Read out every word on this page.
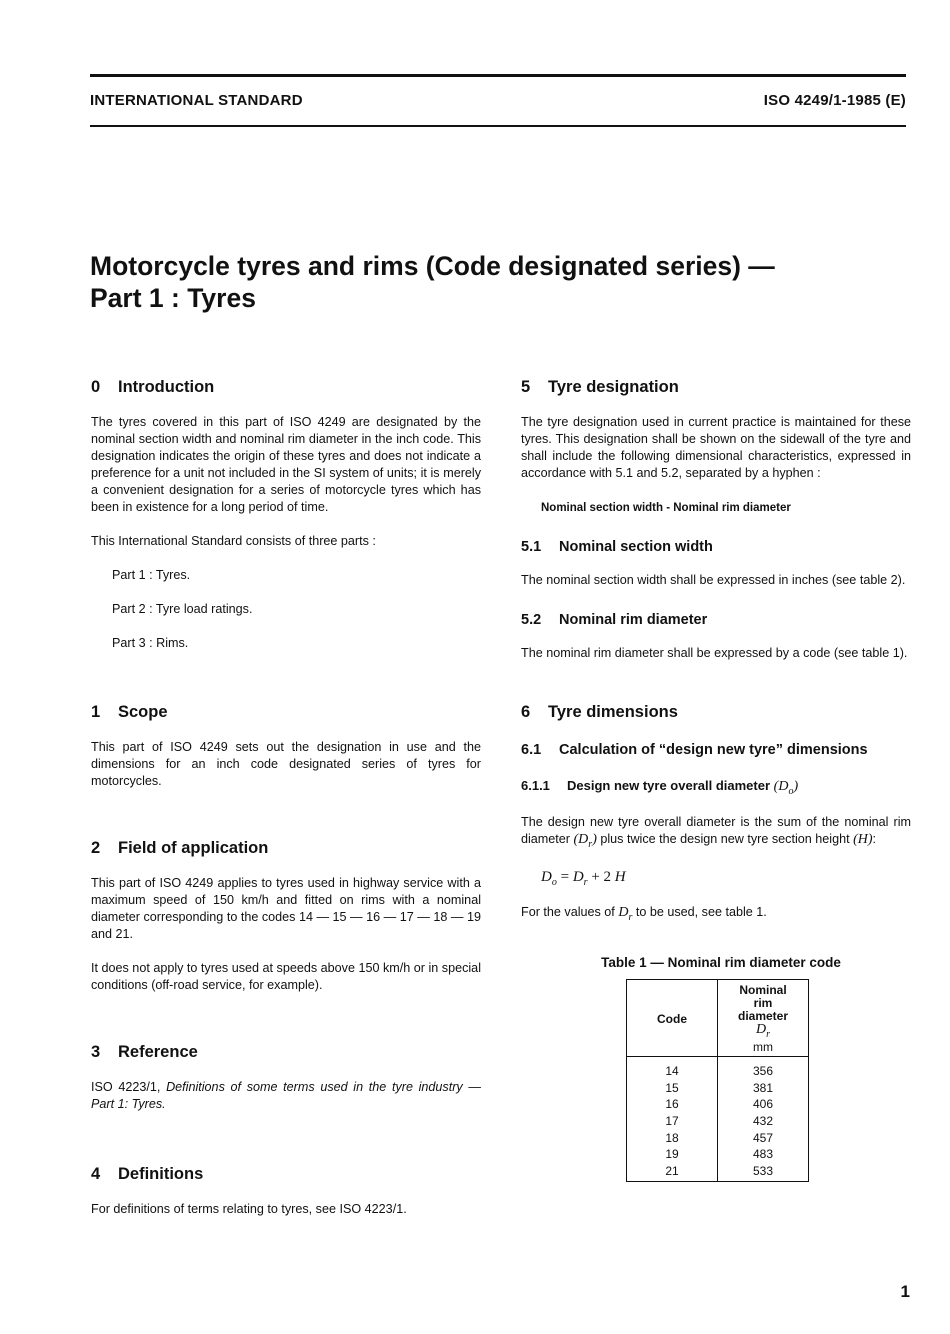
INTERNATIONAL STANDARD	ISO 4249/1-1985 (E)
Motorcycle tyres and rims (Code designated series) —
Part 1 : Tyres
0 Introduction

The tyres covered in this part of ISO 4249 are designated by the nominal section width and nominal rim diameter in the inch code. This designation indicates the origin of these tyres and does not indicate a preference for a unit not included in the SI system of units; it is merely a convenient designation for a series of motorcycle tyres which has been in existence for a long period of time.

This International Standard consists of three parts :

Part 1 : Tyres.

Part 2 : Tyre load ratings.

Part 3 : Rims.

1 Scope

This part of ISO 4249 sets out the designation in use and the dimensions for an inch code designated series of tyres for motorcycles.

2 Field of application

This part of ISO 4249 applies to tyres used in highway service with a maximum speed of 150 km/h and fitted on rims with a nominal diameter corresponding to the codes 14 — 15 — 16 — 17 — 18 — 19 and 21.

It does not apply to tyres used at speeds above 150 km/h or in special conditions (off-road service, for example).

3 Reference

ISO 4223/1, Definitions of some terms used in the tyre industry — Part 1: Tyres.

4 Definitions

For definitions of terms relating to tyres, see ISO 4223/1.

5 Tyre designation

The tyre designation used in current practice is maintained for these tyres. This designation shall be shown on the sidewall of the tyre and shall include the following dimensional characteristics, expressed in accordance with 5.1 and 5.2, separated by a hyphen :

Nominal section width - Nominal rim diameter

5.1 Nominal section width

The nominal section width shall be expressed in inches (see table 2).

5.2 Nominal rim diameter

The nominal rim diameter shall be expressed by a code (see table 1).

6 Tyre dimensions
6.1 Calculation of “design new tyre” dimensions
6.1.1 Design new tyre overall diameter $(D_o)$

The design new tyre overall diameter is the sum of the nominal rim diameter $(D_r)$ plus twice the design new tyre section height (H):

$D_o = D_r + 2$ H

For the values of $D_r$ to be used, see table 1.

Table 1 — Nominal rim diameter code

Code	Nominal
rim
diameter
$D_r$
mm

14	356
15	381
16	406
17	432
18	457
19	483
21	533
1
